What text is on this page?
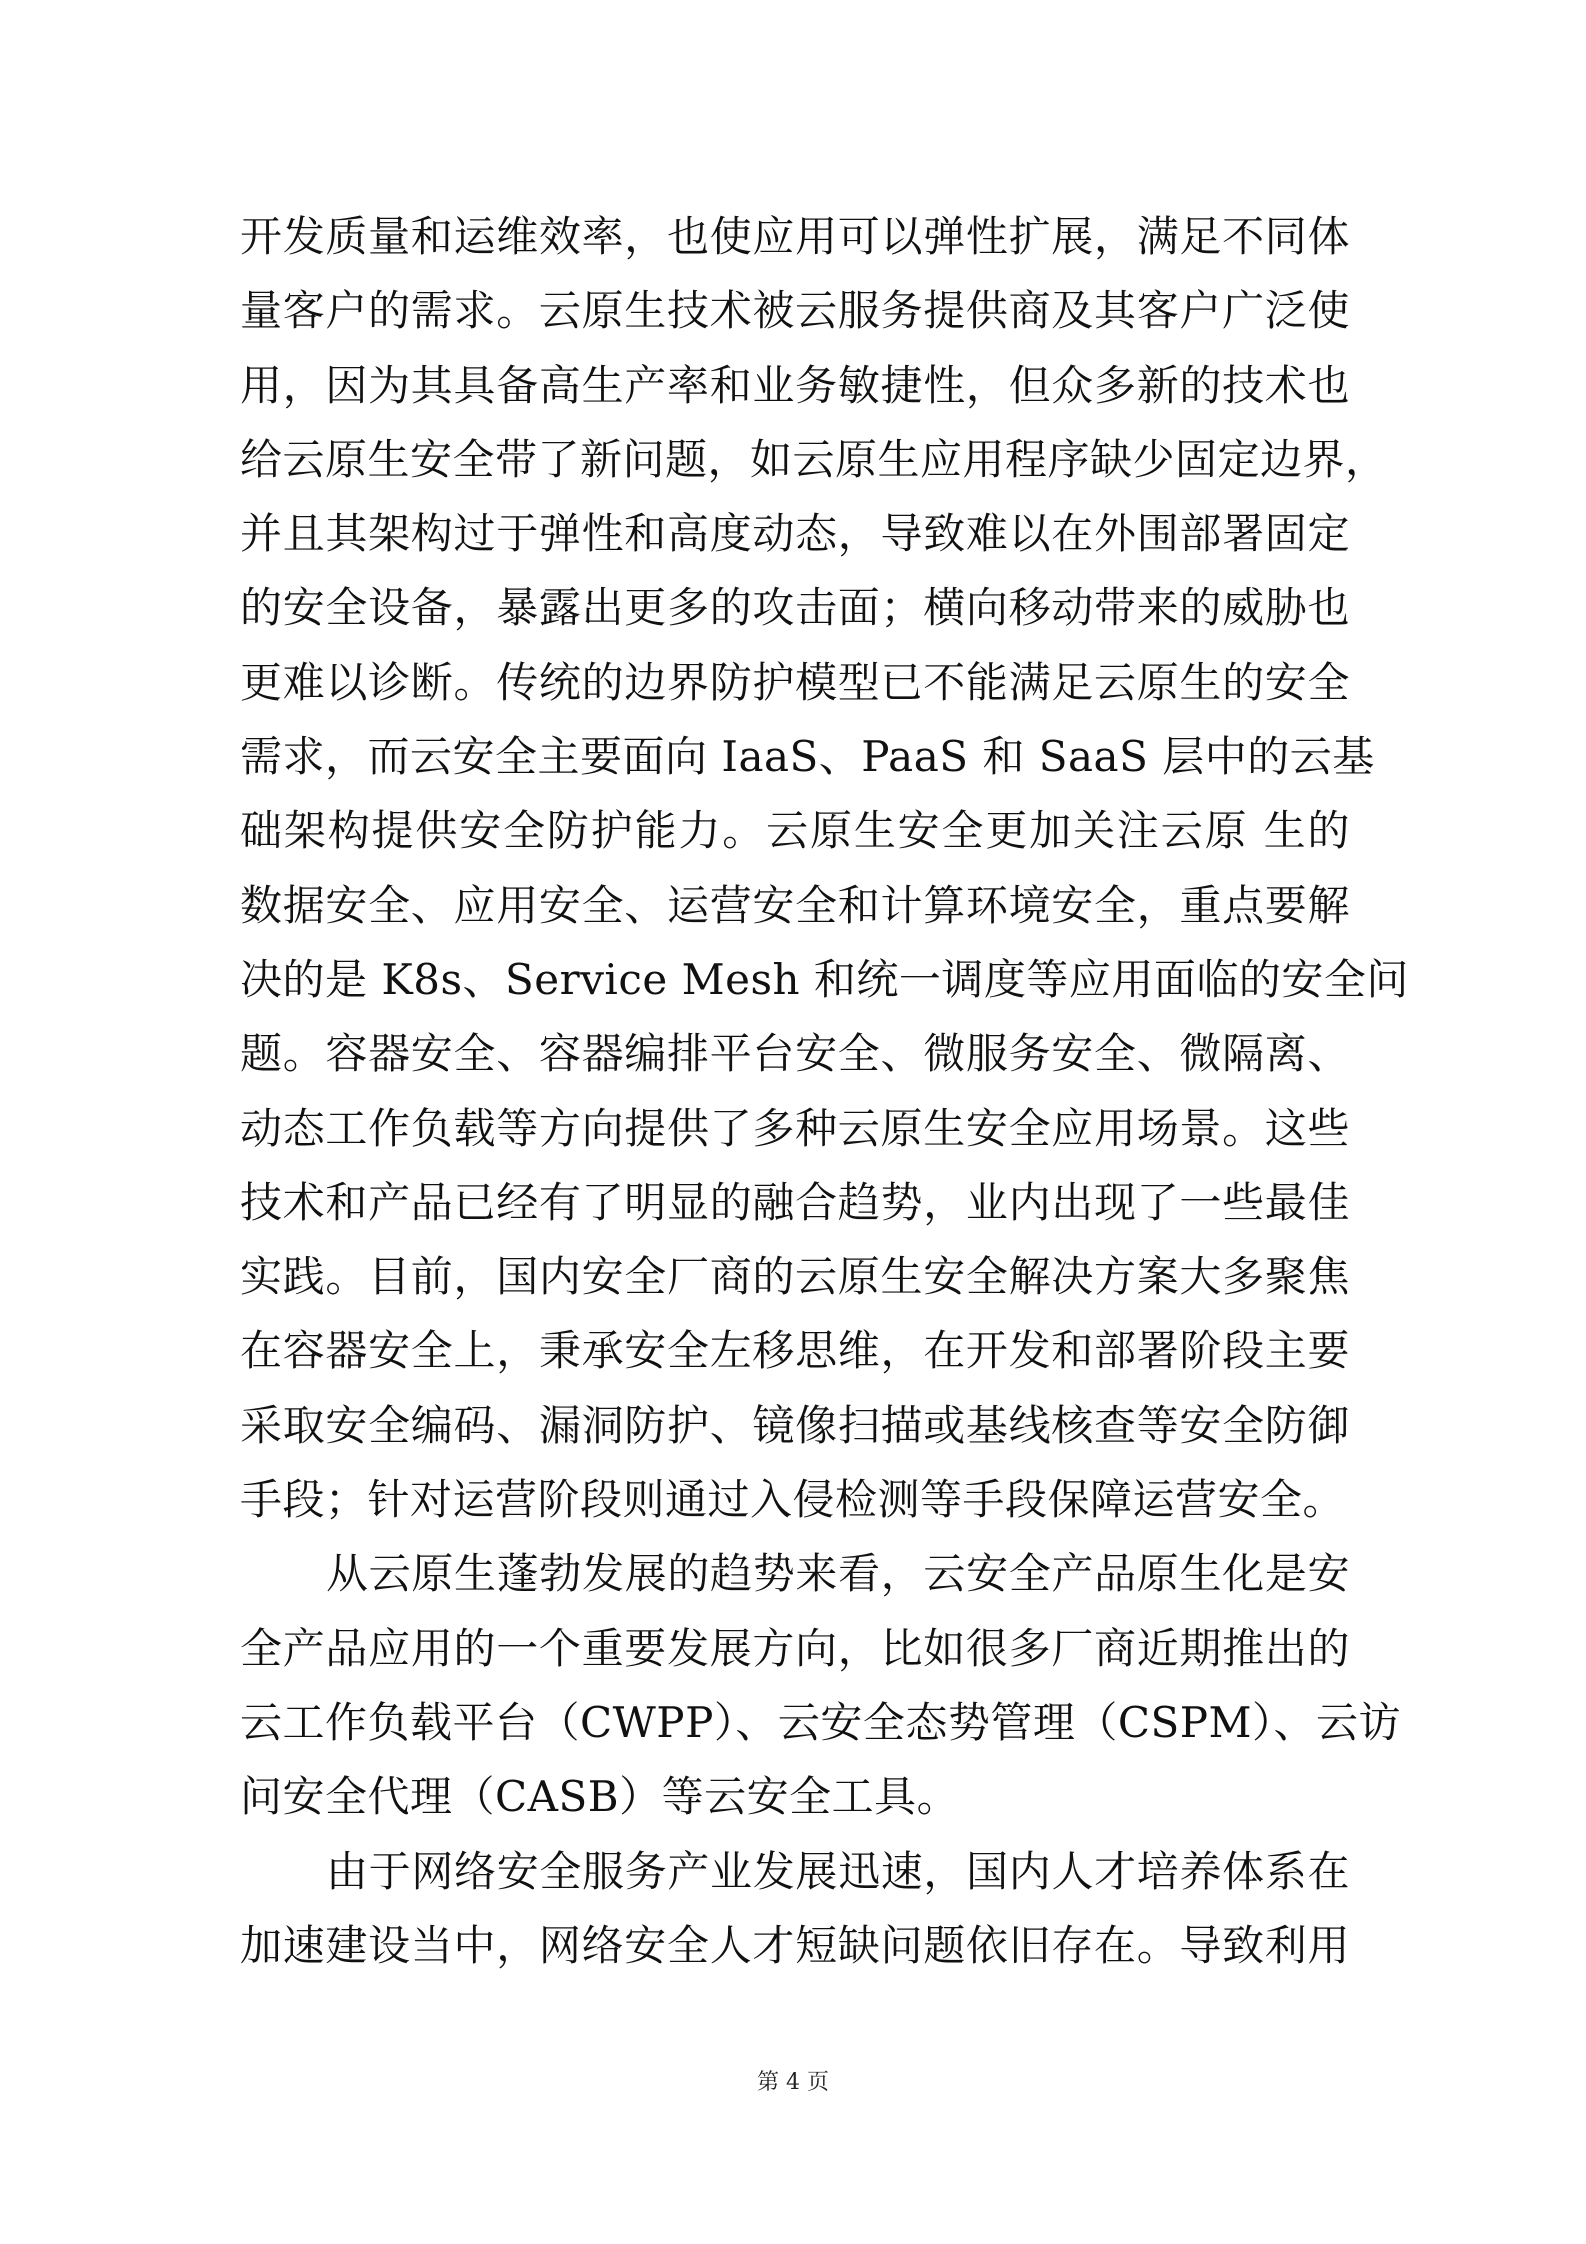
开发质量和运维效率，也使应用可以弹性扩展，满足不同体
量客户的需求。云原生技术被云服务提供商及其客户广泛使
用，因为其具备高生产率和业务敏捷性，但众多新的技术也
给云原生安全带了新问题，如云原生应用程序缺少固定边界，
并且其架构过于弹性和高度动态，导致难以在外围部署固定
的安全设备，暴露出更多的攻击面；横向移动带来的威胁也
更难以诊断。传统的边界防护模型已不能满足云原生的安全
需求，而云安全主要面向 IaaS、PaaS 和 SaaS 层中的云基
础架构提供安全防护能力。云原生安全更加关注云原 生的
数据安全、应用安全、运营安全和计算环境安全，重点要解
决的是 K8s、Service Mesh 和统一调度等应用面临的安全问
题。容器安全、容器编排平台安全、微服务安全、微隔离、
动态工作负载等方向提供了多种云原生安全应用场景。这些
技术和产品已经有了明显的融合趋势，业内出现了一些最佳
实践。目前，国内安全厂商的云原生安全解决方案大多聚焦
在容器安全上，秉承安全左移思维，在开发和部署阶段主要
采取安全编码、漏洞防护、镜像扫描或基线核查等安全防御
手段；针对运营阶段则通过入侵检测等手段保障运营安全。
从云原生蓬勃发展的趋势来看，云安全产品原生化是安
全产品应用的一个重要发展方向，比如很多厂商近期推出的
云工作负载平台（CWPP）、云安全态势管理（CSPM）、云访
问安全代理（CASB）等云安全工具。
由于网络安全服务产业发展迅速，国内人才培养体系在
加速建设当中，网络安全人才短缺问题依旧存在。导致利用
第 4 页
